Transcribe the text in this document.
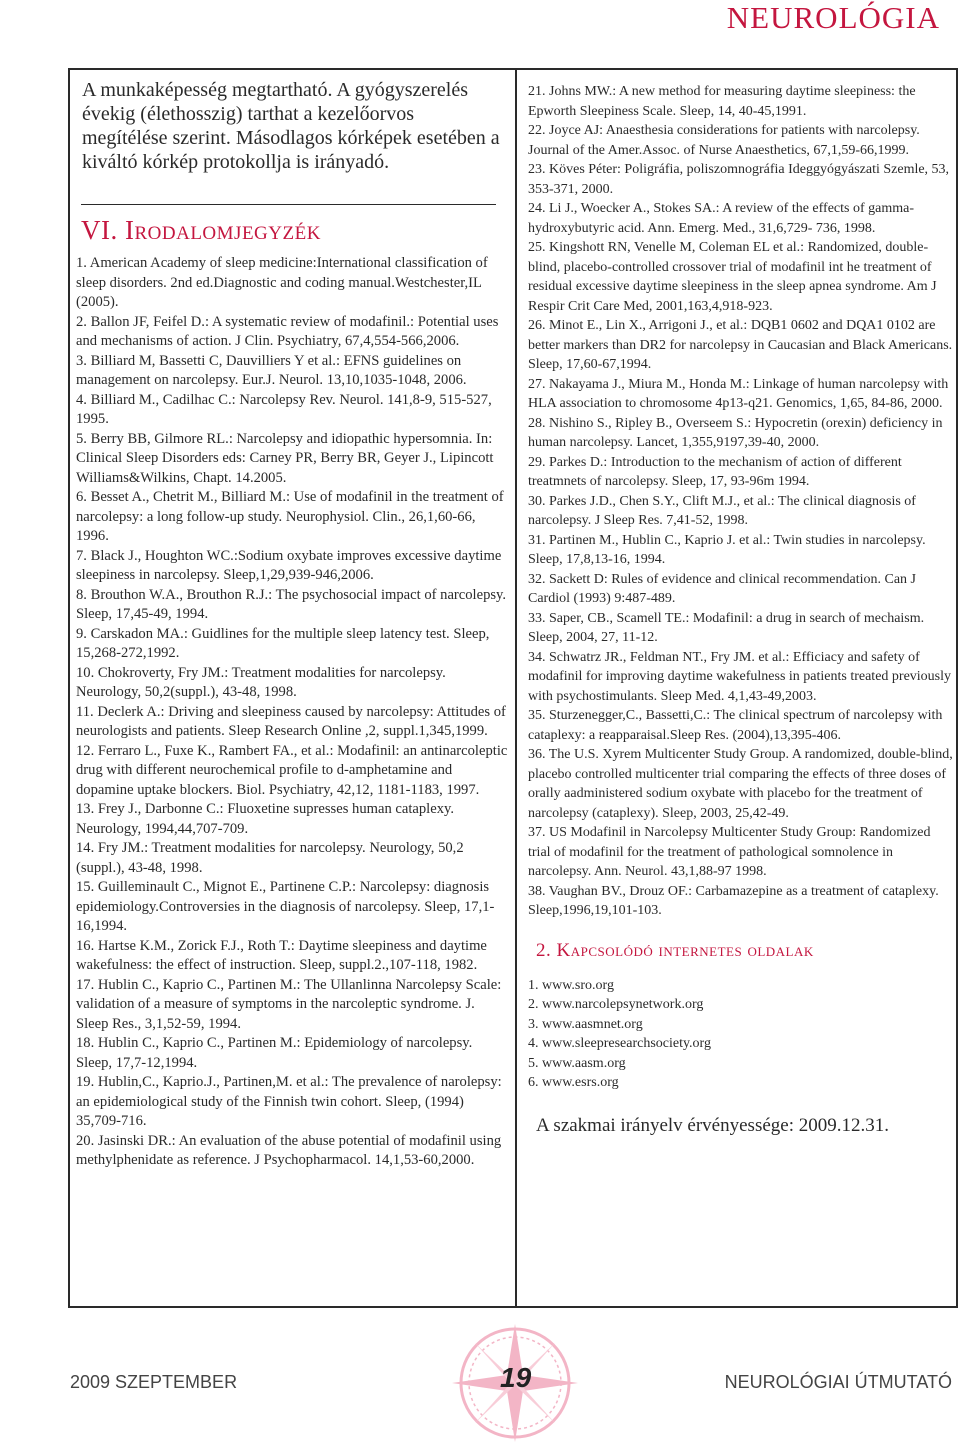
NEUROLÓGIA

A munkaképesség megtartható. A gyógyszerelés évekig (élethosszig) tarthat a kezelőorvos megítélése szerint. Másodlagos kórképek esetében a kiváltó kórkép protokollja is irányadó.

VI. Irodalomjegyzék
1. American Academy of sleep medicine:International classification of sleep disorders. 2nd ed.Diagnostic and coding manual.Westchester,IL (2005).
2. Ballon JF, Feifel D.: A systematic review of modafinil.: Potential uses and mechanisms of action. J Clin. Psychiatry, 67,4,554-566,2006.
3. Billiard M, Bassetti C, Dauvilliers Y et al.: EFNS guidelines on management on narcolepsy. Eur.J. Neurol. 13,10,1035-1048, 2006.
4. Billiard M., Cadilhac C.: Narcolepsy Rev. Neurol. 141,8-9, 515-527, 1995.
5. Berry BB, Gilmore RL.: Narcolepsy and idiopathic hypersomnia. In: Clinical Sleep Disorders eds: Carney PR, Berry BR, Geyer J., Lipincott Williams&Wilkins, Chapt. 14.2005.
6. Besset A., Chetrit M., Billiard M.: Use of modafinil in the treatment of narcolepsy: a long follow-up study. Neurophysiol. Clin., 26,1,60-66, 1996.
7. Black J., Houghton WC.:Sodium oxybate improves excessive daytime sleepiness in narcolepsy. Sleep,1,29,939-946,2006.
8. Brouthon W.A., Brouthon R.J.: The psychosocial impact of narcolepsy. Sleep, 17,45-49, 1994.
9. Carskadon MA.: Guidlines for the multiple sleep latency test. Sleep, 15,268-272,1992.
10. Chokroverty, Fry JM.: Treatment modalities for narcolepsy. Neurology, 50,2(suppl.), 43-48, 1998.
11. Declerk A.: Driving and sleepiness caused by narcolepsy: Attitudes of neurologists and patients. Sleep Research Online ,2, suppl.1,345,1999.
12. Ferraro L., Fuxe K., Rambert FA., et al.: Modafinil: an antinarcoleptic drug with different neurochemical profile to d-amphetamine and dopamine uptake blockers. Biol. Psychiatry, 42,12, 1181-1183, 1997.
13. Frey J., Darbonne C.: Fluoxetine supresses human cataplexy. Neurology, 1994,44,707-709.
14. Fry JM.: Treatment modalities for narcolepsy. Neurology, 50,2 (suppl.), 43-48, 1998.
15. Guilleminault C., Mignot E., Partinene C.P.: Narcolepsy: diagnosis epidemiology.Controversies in the diagnosis of narcolepsy. Sleep, 17,1-16,1994.
16. Hartse K.M., Zorick F.J., Roth T.: Daytime sleepiness and daytime wakefulness: the effect of instruction. Sleep, suppl.2.,107-118, 1982.
17. Hublin C., Kaprio C., Partinen M.: The Ullanlinna Narcolepsy Scale: validation of a measure of symptoms in the narcoleptic syndrome. J. Sleep Res., 3,1,52-59, 1994.
18. Hublin C., Kaprio C., Partinen M.: Epidemiology of narcolepsy. Sleep, 17,7-12,1994.
19. Hublin,C., Kaprio.J., Partinen,M. et al.: The prevalence of narolepsy: an epidemiological study of the Finnish twin cohort. Sleep, (1994) 35,709-716.
20. Jasinski DR.: An evaluation of the abuse potential of modafinil using methylphenidate as reference. J Psychopharmacol. 14,1,53-60,2000.
21. Johns MW.: A new method for measuring daytime sleepiness: the Epworth Sleepiness Scale. Sleep, 14, 40-45,1991.
22. Joyce AJ: Anaesthesia considerations for patients with narcolepsy. Journal of the Amer.Assoc. of Nurse Anaesthetics, 67,1,59-66,1999.
23. Köves Péter: Poligráfia, poliszomnográfia Ideggyógyászati Szemle, 53, 353-371, 2000.
24. Li J., Woecker A., Stokes SA.: A review of the effects of gamma- hydroxybutyric acid. Ann. Emerg. Med., 31,6,729- 736, 1998.
25. Kingshott RN, Venelle M, Coleman EL et al.: Randomized, double-blind, placebo-controlled crossover trial of modafinil int he treatment of residual excessive daytime sleepiness in the sleep apnea syndrome. Am J Respir Crit Care Med, 2001,163,4,918-923.
26. Minot E., Lin X., Arrigoni J., et al.: DQB1 0602 and DQA1 0102 are better markers than DR2 for narcolepsy in Caucasian and Black Americans. Sleep, 17,60-67,1994.
27. Nakayama J., Miura M., Honda M.: Linkage of human narcolepsy with HLA association to chromosome 4p13-q21. Genomics, 1,65, 84-86, 2000.
28. Nishino S., Ripley B., Overseem S.: Hypocretin (orexin) deficiency in human narcolepsy. Lancet, 1,355,9197,39-40, 2000.
29. Parkes D.: Introduction to the mechanism of action of different treatmnets of narcolepsy. Sleep, 17, 93-96m 1994.
30. Parkes J.D., Chen S.Y., Clift M.J., et al.: The clinical diagnosis of narcolepsy. J Sleep Res. 7,41-52, 1998.
31. Partinen M., Hublin C., Kaprio J. et al.: Twin studies in narcolepsy. Sleep, 17,8,13-16, 1994.
32. Sackett D: Rules of evidence and clinical recommendation. Can J Cardiol (1993) 9:487-489.
33. Saper, CB., Scamell TE.: Modafinil: a drug in search of mechaism. Sleep, 2004, 27, 11-12.
34. Schwatrz JR., Feldman NT., Fry JM. et al.: Efficiacy and safety of modafinil for improving daytime wakefulness in patients treated previously with psychostimulants. Sleep Med. 4,1,43-49,2003.
35. Sturzenegger,C., Bassetti,C.: The clinical spectrum of narcolepsy with cataplexy: a reapparaisal.Sleep Res. (2004),13,395-406.
36. The U.S. Xyrem Multicenter Study Group. A randomized, double-blind, placebo controlled multicenter trial comparing the effects of three doses of orally aadministered sodium oxybate with placebo for the treatment of narcolepsy (cataplexy). Sleep, 2003, 25,42-49.
37. US Modafinil in Narcolepsy Multicenter Study Group: Randomized trial of modafinil for the treatment of pathological somnolence in narcolepsy. Ann. Neurol. 43,1,88-97 1998.
38. Vaughan BV., Drouz OF.: Carbamazepine as a treatment of cataplexy. Sleep,1996,19,101-103.
2. Kapcsolódó internetes oldalak
1. www.sro.org
2. www.narcolepsynetwork.org
3. www.aasmnet.org
4. www.sleepresearchsociety.org
5. www.aasm.org
6. www.esrs.org
A szakmai irányelv érvényessége: 2009.12.31.
2009 SZEPTEMBER	19	NEUROLÓGIAI ÚTMUTATÓ
